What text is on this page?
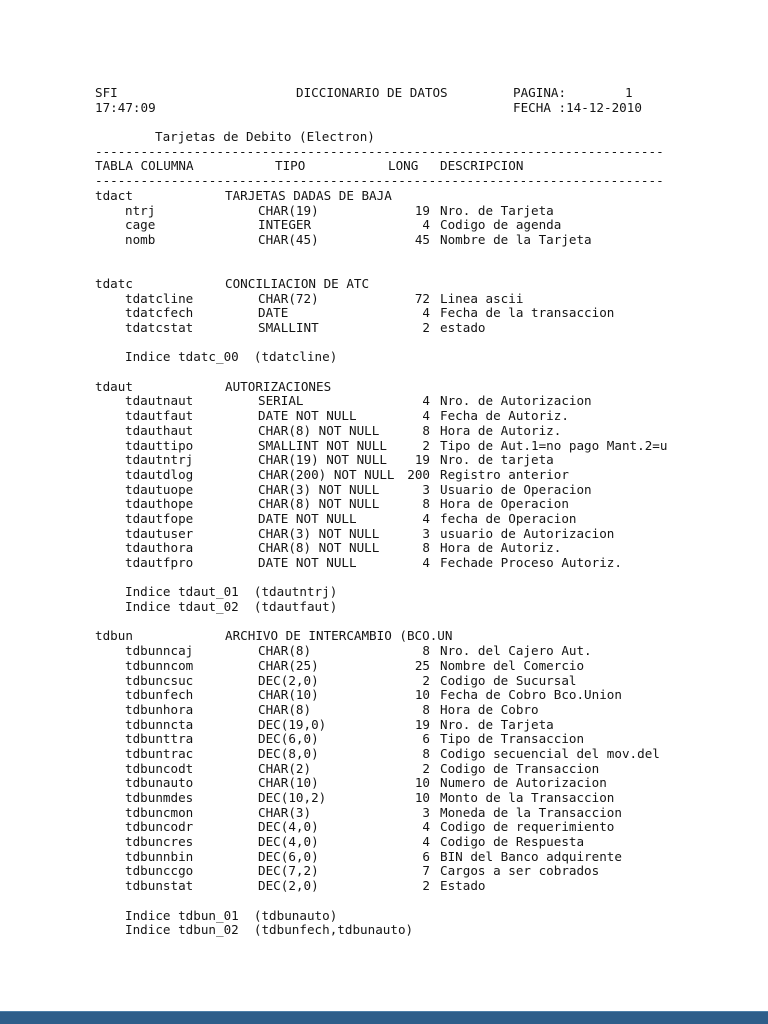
SFI

	DICCIONARIO DE DATOS

	PAGINA:

	1

17:47:09

	FECHA :14-12-2010

Tarjetas de Debito (Electron)
---------------------------------------------------------------------------
TABLA COLUMNA	TIPO	LONG	DESCRIPCION
---------------------------------------------------------------------------
tdact	TARJETAS DADAS DE BAJA
ntrj	CHAR(19)	19 Nro. de Tarjeta
cage	INTEGER	4 Codigo de agenda
nomb	CHAR(45)	45 Nombre de la Tarjeta
tdatc	CONCILIACION DE ATC
tdatcline	CHAR(72)	72 Linea ascii
tdatcfech	DATE	4 Fecha de la transaccion
tdatcstat	SMALLINT	2 estado
Indice tdatc_00  (tdatcline)
tdaut	AUTORIZACIONES
tdautnaut	SERIAL	4 Nro. de Autorizacion
tdautfaut	DATE NOT NULL	4 Fecha de Autoriz.
tdauthaut	CHAR(8) NOT NULL	8 Hora de Autoriz.
tdauttipo	SMALLINT NOT NULL	2 Tipo de Aut.1=no pago Mant.2=u
tdautntrj	CHAR(19) NOT NULL	19 Nro. de tarjeta
tdautdlog	CHAR(200) NOT NULL	200 Registro anterior
tdautuope	CHAR(3) NOT NULL	3 Usuario de Operacion
tdauthope	CHAR(8) NOT NULL	8 Hora de Operacion
tdautfope	DATE NOT NULL	4 fecha de Operacion
tdautuser	CHAR(3) NOT NULL	3 usuario de Autorizacion
tdauthora	CHAR(8) NOT NULL	8 Hora de Autoriz.
tdautfpro	DATE NOT NULL	4 Fechade Proceso Autoriz.
Indice tdaut_01  (tdautntrj)
Indice tdaut_02  (tdautfaut)
tdbun	ARCHIVO DE INTERCAMBIO (BCO.UN
tdbunncaj	CHAR(8)	8 Nro. del Cajero Aut.
tdbunncom	CHAR(25)	25 Nombre del Comercio
tdbuncsuc	DEC(2,0)	2 Codigo de Sucursal
tdbunfech	CHAR(10)	10 Fecha de Cobro Bco.Union
tdbunhora	CHAR(8)	8 Hora de Cobro
tdbunncta	DEC(19,0)	19 Nro. de Tarjeta
tdbunttra	DEC(6,0)	6 Tipo de Transaccion
tdbuntrac	DEC(8,0)	8 Codigo secuencial del mov.del
tdbuncodt	CHAR(2)	2 Codigo de Transaccion
tdbunauto	CHAR(10)	10 Numero de Autorizacion
tdbunmdes	DEC(10,2)	10 Monto de la Transaccion
tdbuncmon	CHAR(3)	3 Moneda de la Transaccion
tdbuncodr	DEC(4,0)	4 Codigo de requerimiento
tdbuncres	DEC(4,0)	4 Codigo de Respuesta
tdbunnbin	DEC(6,0)	6 BIN del Banco adquirente
tdbunccgo	DEC(7,2)	7 Cargos a ser cobrados
tdbunstat	DEC(2,0)	2 Estado
Indice tdbun_01  (tdbunauto)
Indice tdbun_02  (tdbunfech,tdbunauto)
